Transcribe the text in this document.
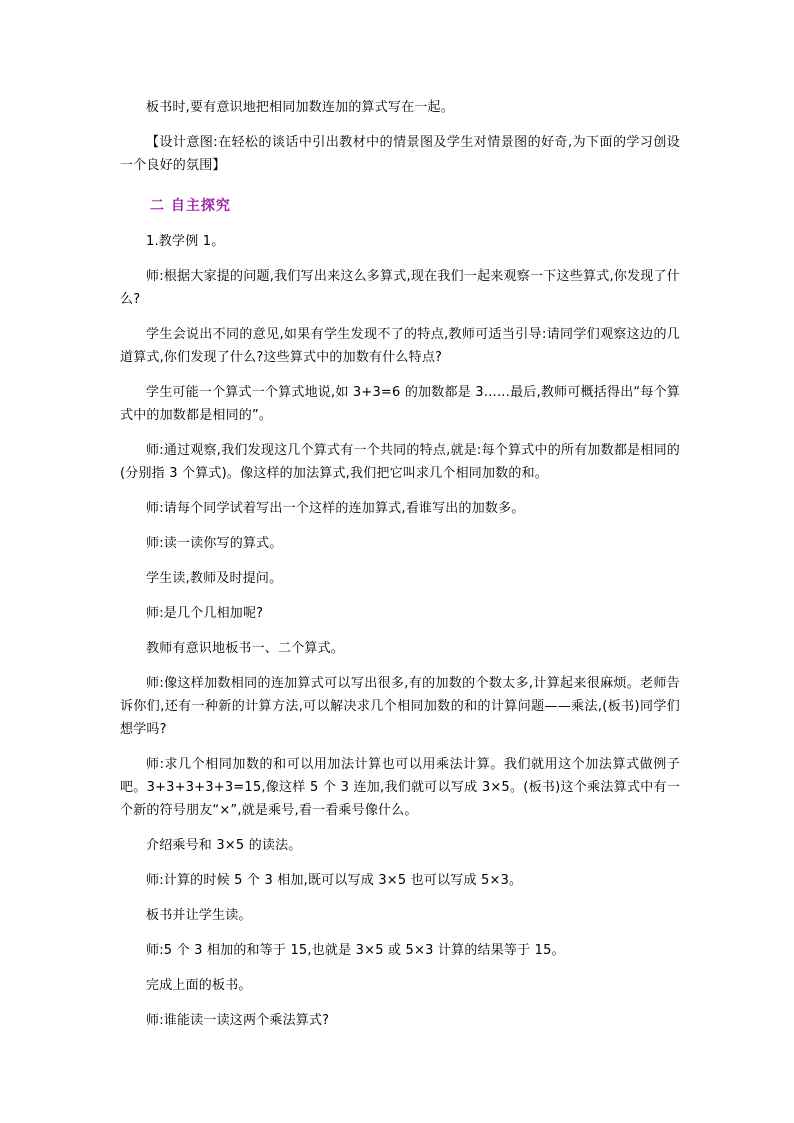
板书时,要有意识地把相同加数连加的算式写在一起。

【设计意图:在轻松的谈话中引出教材中的情景图及学生对情景图的好奇,为下面的学习创设一个良好的氛围】

二 自主探究

1.教学例 1。

师:根据大家提的问题,我们写出来这么多算式,现在我们一起来观察一下这些算式,你发现了什么?

学生会说出不同的意见,如果有学生发现不了的特点,教师可适当引导:请同学们观察这边的几道算式,你们发现了什么?这些算式中的加数有什么特点?

学生可能一个算式一个算式地说,如 3+3=6 的加数都是 3……最后,教师可概括得出“每个算式中的加数都是相同的”。

师:通过观察,我们发现这几个算式有一个共同的特点,就是:每个算式中的所有加数都是相同的(分别指 3 个算式)。像这样的加法算式,我们把它叫求几个相同加数的和。

师:请每个同学试着写出一个这样的连加算式,看谁写出的加数多。

师:读一读你写的算式。

学生读,教师及时提问。

师:是几个几相加呢?

教师有意识地板书一、二个算式。

师:像这样加数相同的连加算式可以写出很多,有的加数的个数太多,计算起来很麻烦。老师告诉你们,还有一种新的计算方法,可以解决求几个相同加数的和的计算问题——乘法,(板书)同学们想学吗?

师:求几个相同加数的和可以用加法计算也可以用乘法计算。我们就用这个加法算式做例子吧。3+3+3+3+3=15,像这样 5 个 3 连加,我们就可以写成 3×5。(板书)这个乘法算式中有一个新的符号朋友“×”,就是乘号,看一看乘号像什么。

介绍乘号和 3×5 的读法。

师:计算的时候 5 个 3 相加,既可以写成 3×5 也可以写成 5×3。

板书并让学生读。

师:5 个 3 相加的和等于 15,也就是 3×5 或 5×3 计算的结果等于 15。

完成上面的板书。

师:谁能读一读这两个乘法算式?
